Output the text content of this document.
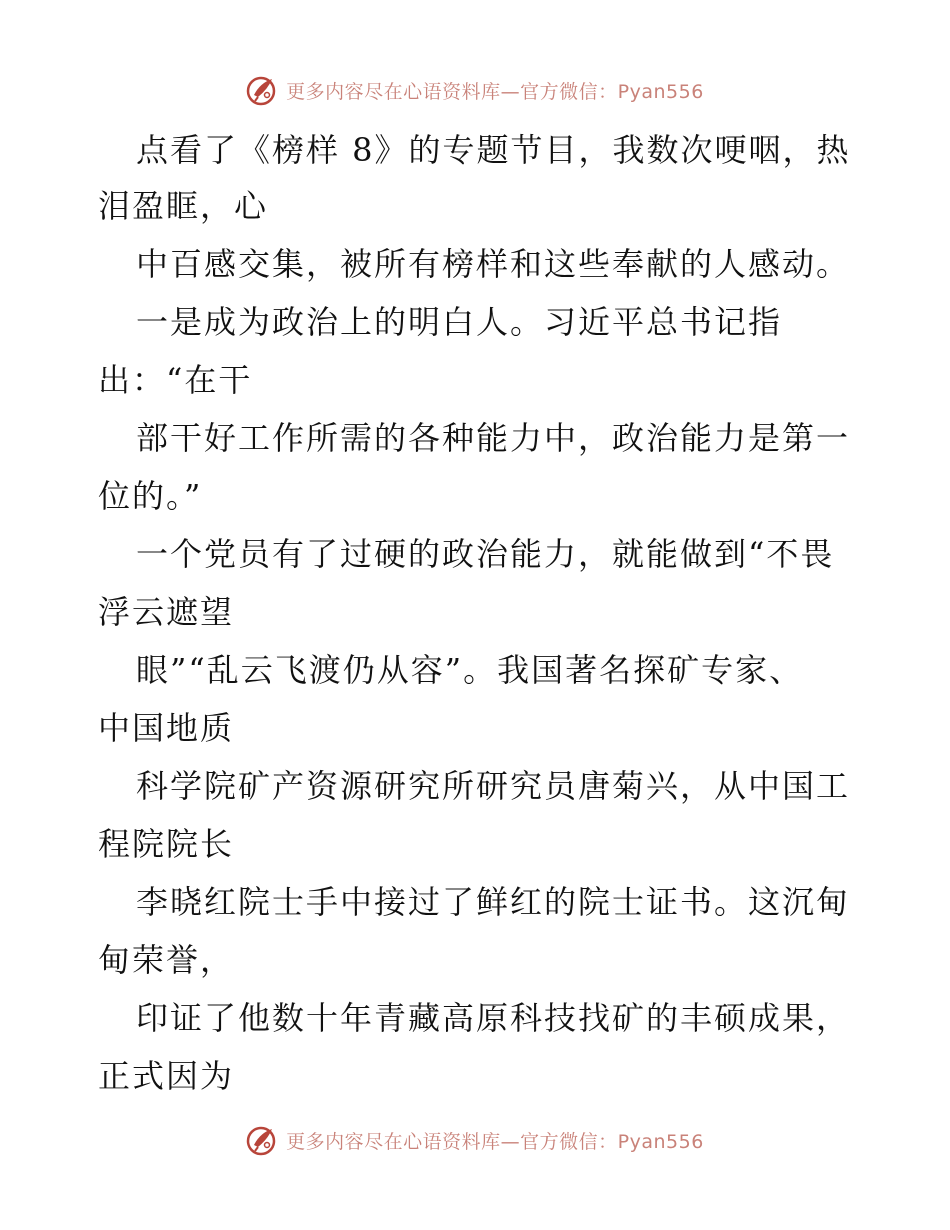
更多内容尽在心语资料库—官方微信：Pyan556
点看了《榜样 8》的专题节目，我数次哽咽，热
泪盈眶，心
中百感交集，被所有榜样和这些奉献的人感动。
一是成为政治上的明白人。习近平总书记指
出：“在干
部干好工作所需的各种能力中，政治能力是第一
位的。”
一个党员有了过硬的政治能力，就能做到“不畏
浮云遮望
眼”“乱云飞渡仍从容”。我国著名探矿专家、
中国地质
科学院矿产资源研究所研究员唐菊兴，从中国工
程院院长
李晓红院士手中接过了鲜红的院士证书。这沉甸
甸荣誉，
印证了他数十年青藏高原科技找矿的丰硕成果，
正式因为
更多内容尽在心语资料库—官方微信：Pyan556
